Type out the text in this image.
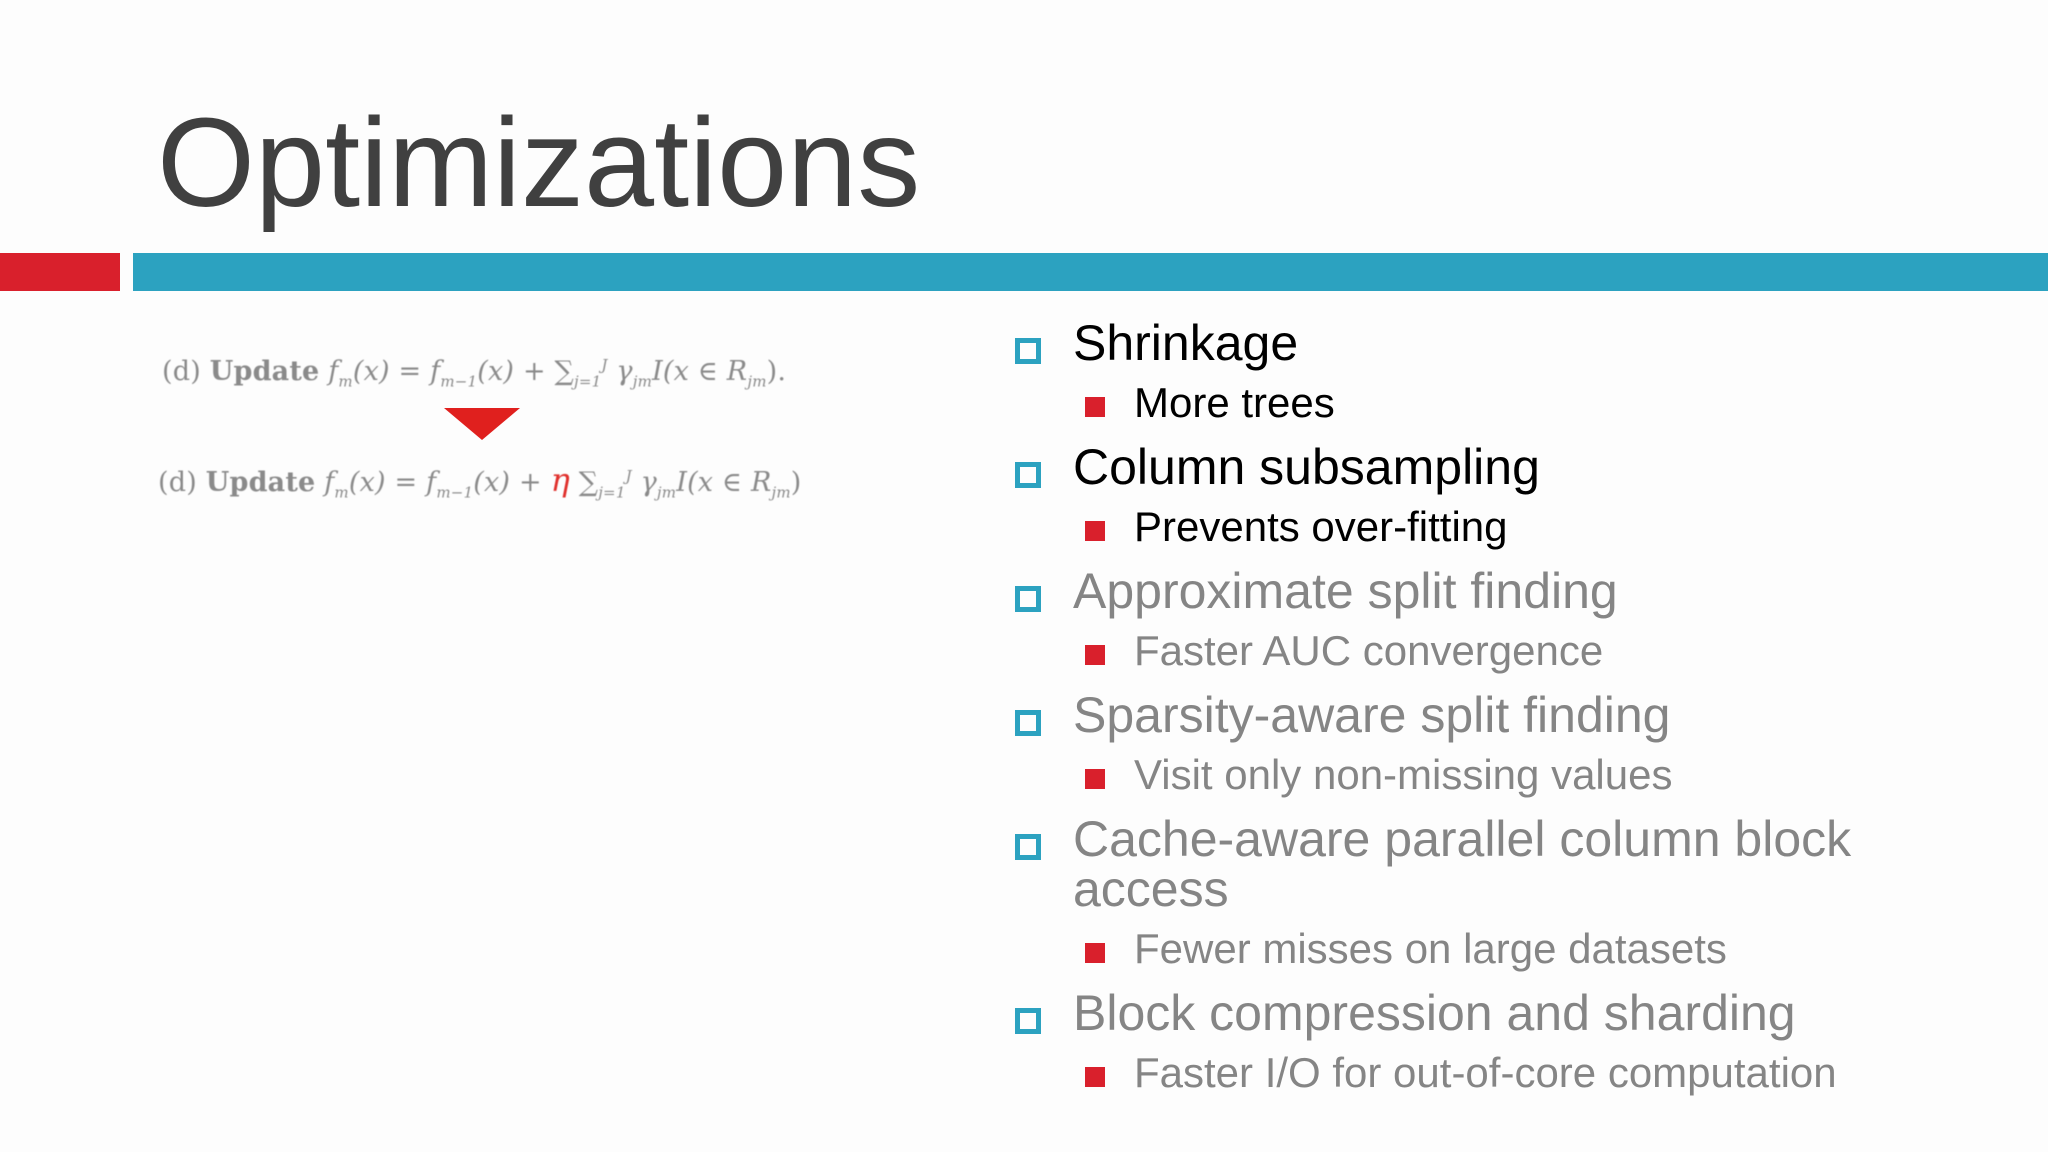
Optimizations
(d) Update $f_m(x) = f_{m-1}(x) + \sum_{j=1}^J$ $\gamma_{jm}I(x$ ∈ $R_{jm}$).
(d) Update $f_m(x) = f_{m-1}(x) + \eta$ $\sum_{j=1}^J$ $\gamma_{jm}I(x$ ∈ $R_{jm}$)
Shrinkage
More trees
Column subsampling
Prevents over-fitting
Approximate split finding
Faster AUC convergence
Sparsity-aware split finding
Visit only non-missing values
Cache-aware parallel column block access
Fewer misses on large datasets
Block compression and sharding
Faster I/O for out-of-core computation
